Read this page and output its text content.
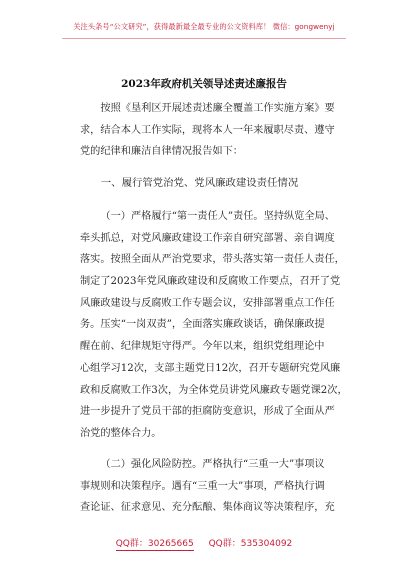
关注头条号“公文研究”，获得最新最全最专业的公文资料库！ 微信：gongwenyj
2023年政府机关领导述责述廉报告
按照《垦利区开展述责述廉全覆盖工作实施方案》要
求，结合本人工作实际，现将本人一年来履职尽责、遵守
党的纪律和廉洁自律情况报告如下：
一、履行管党治党、党风廉政建设责任情况
（一）严格履行“第一责任人”责任。坚持纵览全局、
牵头抓总，对党风廉政建设工作亲自研究部署、亲自调度
落实。按照全面从严治党要求，带头落实第一责任人责任，
制定了2023年党风廉政建设和反腐败工作要点，召开了党
风廉政建设与反腐败工作专题会议，安排部署重点工作任
务。压实“一岗双责”，全面落实廉政谈话，确保廉政提
醒在前、纪律规矩守得严。今年以来，组织党组理论中
心组学习12次，支部主题党日12次，召开专题研究党风廉
政和反腐败工作3次，为全体党员讲党风廉政专题党课2次，
进一步提升了党员干部的拒腐防变意识，形成了全面从严
治党的整体合力。
（二）强化风险防控。严格执行“三重一大”事项议
事规则和决策程序。遇有“三重一大”事项，严格执行调
查论证、征求意见、充分酝酿、集体商议等决策程序，充
QQ群：30265665 QQ群：535304092
